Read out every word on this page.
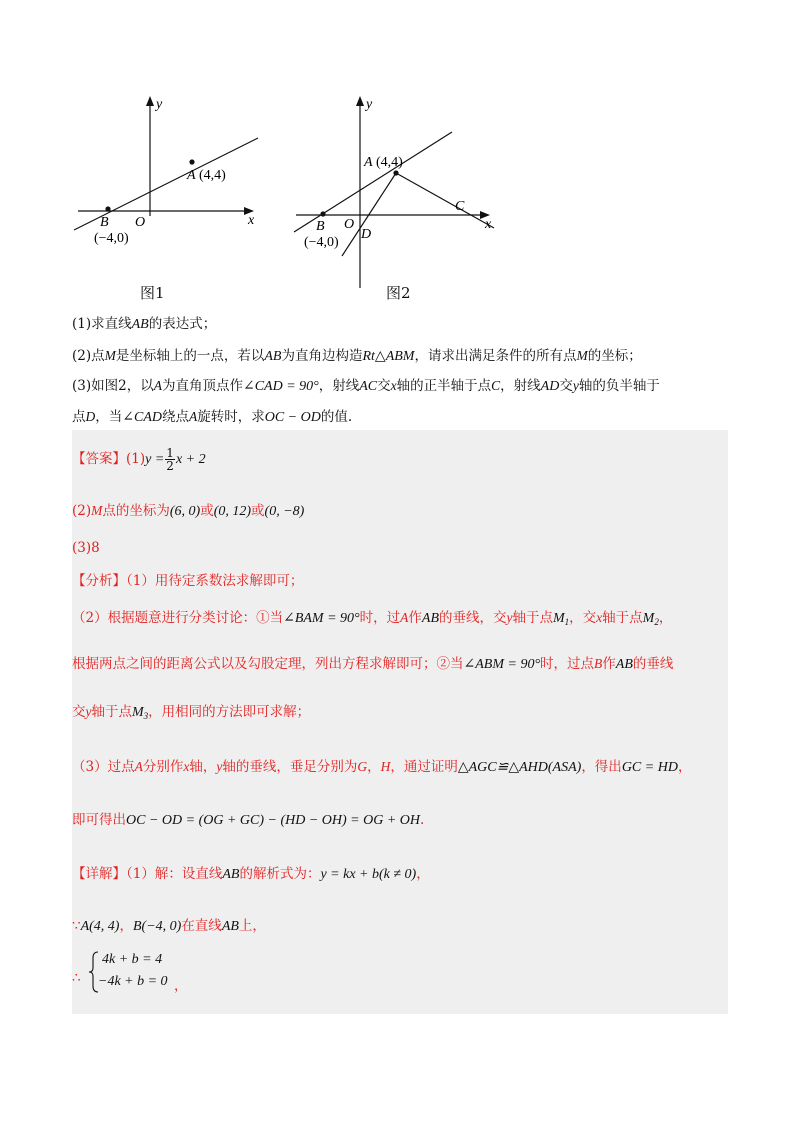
y
x
O
A (4,4)
B
(−4,0)
图1
y
x
O
A (4,4)
C
D
B
(−4,0)
图2
(1)求直线AB的表达式；
(2)点M是坐标轴上的一点，若以AB为直角边构造Rt△ABM，请求出满足条件的所有点M的坐标；
(3)如图2，以A为直角顶点作∠CAD = 90°，射线AC交x轴的正半轴于点C，射线AD交y轴的负半轴于
点D，当∠CAD绕点A旋转时，求OC − OD的值.
【答案】$(1)y = \frac{1}{2}$ x + 2
(2)M点的坐标为(6, 0)或(0, 12)或(0, −8)
(3)8
【分析】（1）用待定系数法求解即可；
（2）根据题意进行分类讨论：①当∠BAM = 90°时，过A作AB的垂线，交y轴于点$M_1$，交x轴于点$M_2$，
根据两点之间的距离公式以及勾股定理，列出方程求解即可；②当∠ABM = 90°时，过点B作AB的垂线
交y轴于点$M_3$，用相同的方法即可求解；
（3）过点A分别作x轴，y轴的垂线，垂足分别为G，H，通过证明△AGC≌△AHD(ASA)，得出GC = HD，
即可得出OC − OD = (OG + GC) − (HD − OH) = OG + OH.
【详解】（1）解：设直线AB的解析式为：y = kx + b(k ≠ 0)，
∵A(4, 4)，B(−4, 0)在直线AB上，
∴
4k + b = 4
−4k + b = 0 ，
